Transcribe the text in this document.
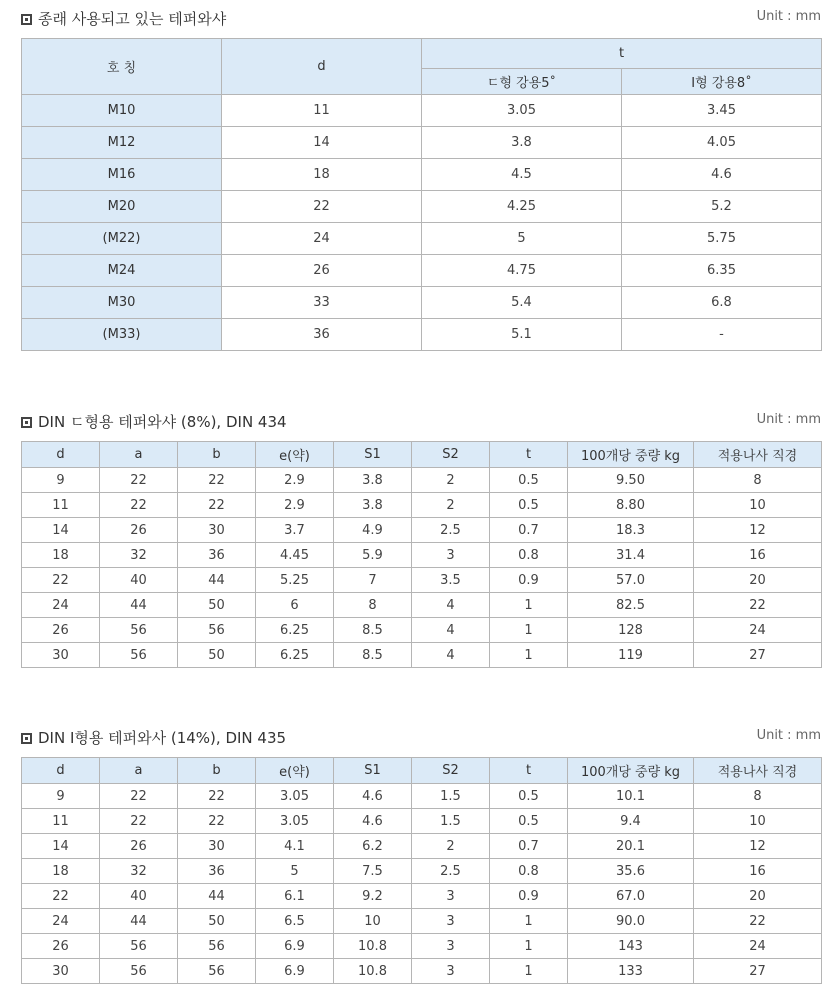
종래 사용되고 있는 테퍼와샤	Unit : mm
호 칭	d	t	
		ㄷ형 강용5˚	I형 강용8˚
M10	11	3.05	3.45
M12	14	3.8	4.05
M16	18	4.5	4.6
M20	22	4.25	5.2
(M22)	24	5	5.75
M24	26	4.75	6.35
M30	33	5.4	6.8
(M33)	36	5.1	-
DIN ㄷ형용 테퍼와샤 (8%), DIN 434	Unit : mm
d	a	b	e(약)	S1	S2	t	100개당 중량 kg	적용나사 직경
9	22	22	2.9	3.8	2	0.5	9.50	8
11	22	22	2.9	3.8	2	0.5	8.80	10
14	26	30	3.7	4.9	2.5	0.7	18.3	12
18	32	36	4.45	5.9	3	0.8	31.4	16
22	40	44	5.25	7	3.5	0.9	57.0	20
24	44	50	6	8	4	1	82.5	22
26	56	56	6.25	8.5	4	1	128	24
30	56	50	6.25	8.5	4	1	119	27
DIN I형용 테퍼와사 (14%), DIN 435	Unit : mm
d	a	b	e(약)	S1	S2	t	100개당 중량 kg	적용나사 직경
9	22	22	3.05	4.6	1.5	0.5	10.1	8
11	22	22	3.05	4.6	1.5	0.5	9.4	10
14	26	30	4.1	6.2	2	0.7	20.1	12
18	32	36	5	7.5	2.5	0.8	35.6	16
22	40	44	6.1	9.2	3	0.9	67.0	20
24	44	50	6.5	10	3	1	90.0	22
26	56	56	6.9	10.8	3	1	143	24
30	56	56	6.9	10.8	3	1	133	27
